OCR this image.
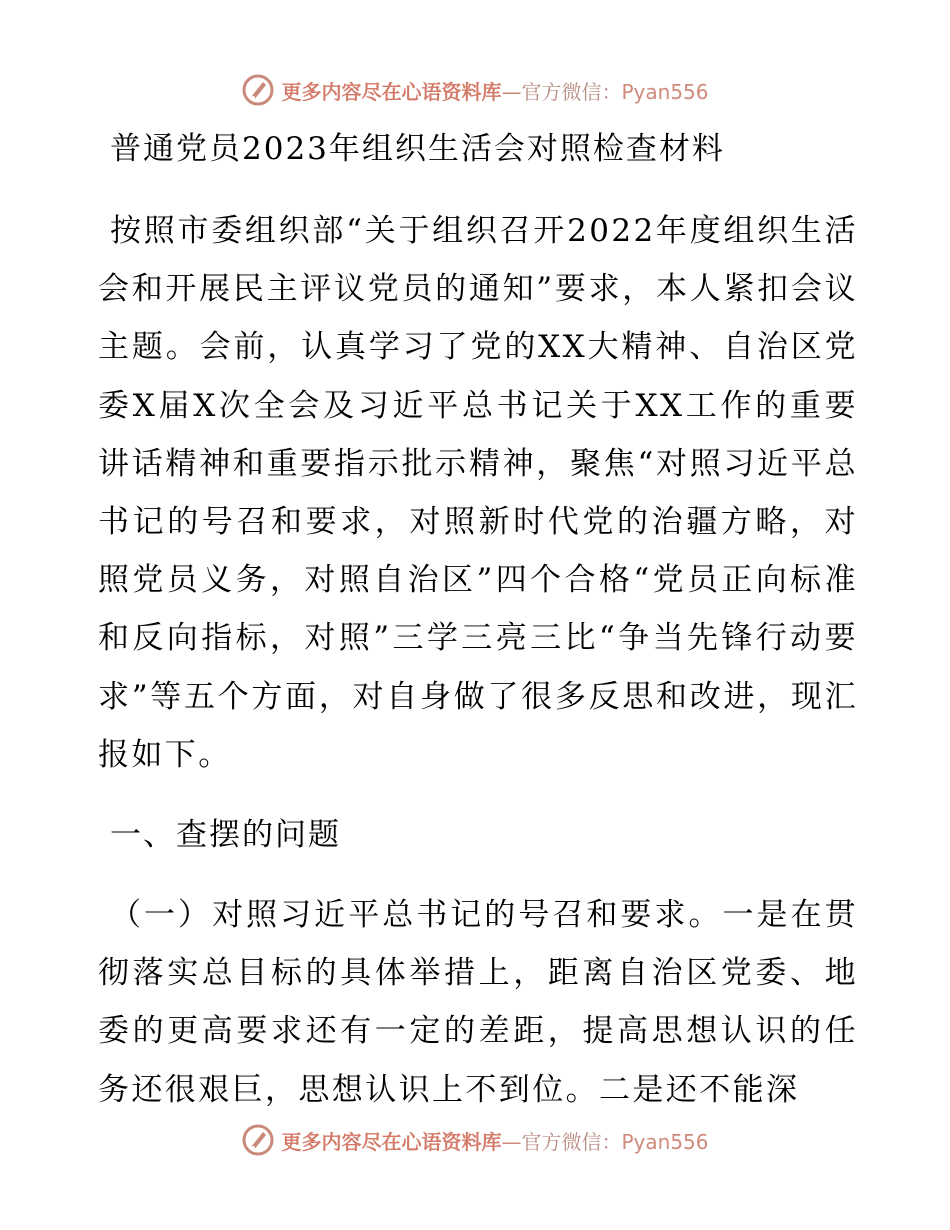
更多内容尽在心语资料库—官方微信：Pyan556
普通党员2023年组织生活会对照检查材料

按照市委组织部“关于组织召开2022年度组织生活会和开展民主评议党员的通知”要求，本人紧扣会议主题。会前，认真学习了党的XX大精神、自治区党委X届X次全会及习近平总书记关于XX工作的重要讲话精神和重要指示批示精神，聚焦“对照习近平总书记的号召和要求，对照新时代党的治疆方略，对照党员义务，对照自治区”四个合格“党员正向标准和反向指标，对照”三学三亮三比“争当先锋行动要求”等五个方面，对自身做了很多反思和改进，现汇报如下。

一、查摆的问题

（一）对照习近平总书记的号召和要求。一是在贯彻落实总目标的具体举措上，距离自治区党委、地委的更高要求还有一定的差距，提高思想认识的任务还很艰巨，思想认识上不到位。二是还不能深

更多内容尽在心语资料库—官方微信：Pyan556
